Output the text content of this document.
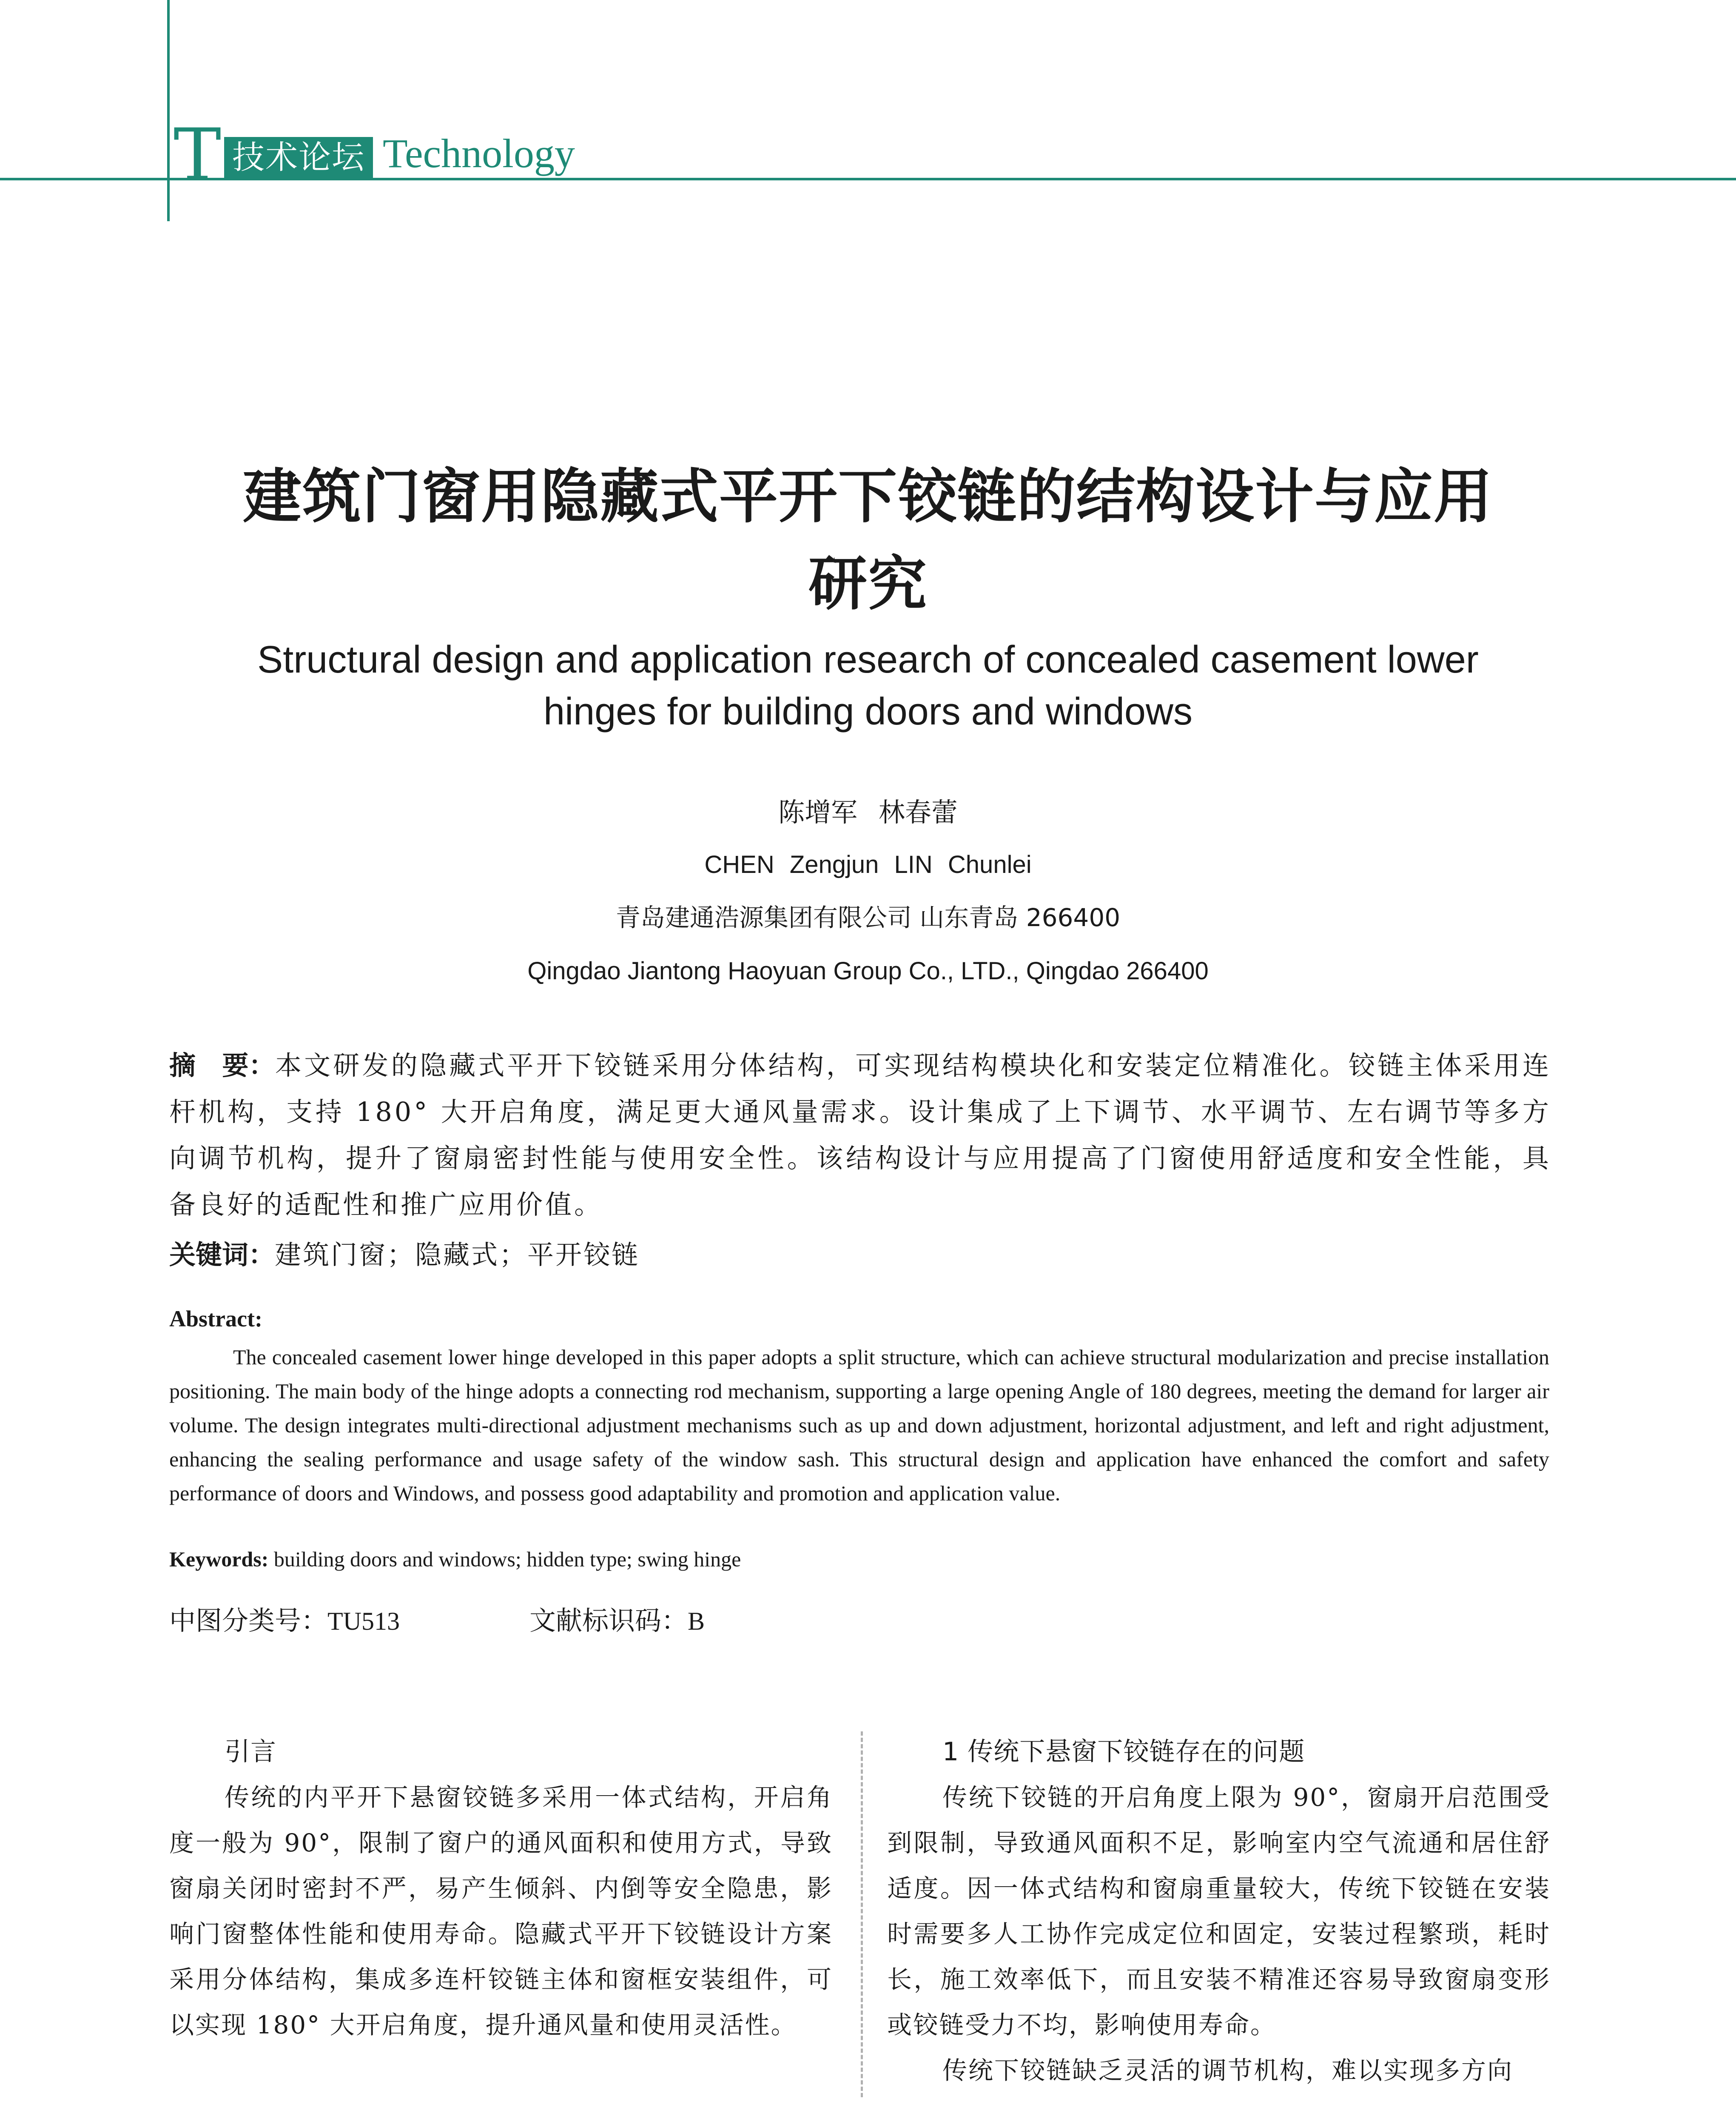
T 技术论坛 Technology
建筑门窗用隐藏式平开下铰链的结构设计与应用
研究
Structural design and application research of concealed casement lower
hinges for building doors and windows
陈增军 林春蕾
CHEN Zengjun LIN Chunlei
青岛建通浩源集团有限公司 山东青岛 266400
Qingdao Jiantong Haoyuan Group Co., LTD., Qingdao 266400
摘　要：本文研发的隐藏式平开下铰链采用分体结构，可实现结构模块化和安装定位精准化。铰链主体采用连杆机构，支持 180° 大开启角度，满足更大通风量需求。设计集成了上下调节、水平调节、左右调节等多方向调节机构，提升了窗扇密封性能与使用安全性。该结构设计与应用提高了门窗使用舒适度和安全性能，具备良好的适配性和推广应用价值。
关键词：建筑门窗；隐藏式；平开铰链
Abstract:
The concealed casement lower hinge developed in this paper adopts a split structure, which can achieve structural modularization and precise installation positioning. The main body of the hinge adopts a connecting rod mechanism, supporting a large opening Angle of 180 degrees, meeting the demand for larger air volume. The design integrates multi-directional adjustment mechanisms such as up and down adjustment, horizontal adjustment, and left and right adjustment, enhancing the sealing performance and usage safety of the window sash. This structural design and application have enhanced the comfort and safety performance of doors and Windows, and possess good adaptability and promotion and application value.
Keywords: building doors and windows; hidden type; swing hinge
中图分类号：TU513	文献标识码：B
引言

传统的内平开下悬窗铰链多采用一体式结构，开启角度一般为 90°，限制了窗户的通风面积和使用方式，导致窗扇关闭时密封不严，易产生倾斜、内倒等安全隐患，影响门窗整体性能和使用寿命。隐藏式平开下铰链设计方案采用分体结构，集成多连杆铰链主体和窗框安装组件，可以实现 180° 大开启角度，提升通风量和使用灵活性。

1 传统下悬窗下铰链存在的问题

传统下铰链的开启角度上限为 90°，窗扇开启范围受到限制，导致通风面积不足，影响室内空气流通和居住舒适度。因一体式结构和窗扇重量较大，传统下铰链在安装时需要多人工协作完成定位和固定，安装过程繁琐，耗时长，施工效率低下，而且安装不精准还容易导致窗扇变形或铰链受力不均，影响使用寿命。

传统下铰链缺乏灵活的调节机构，难以实现多方向
